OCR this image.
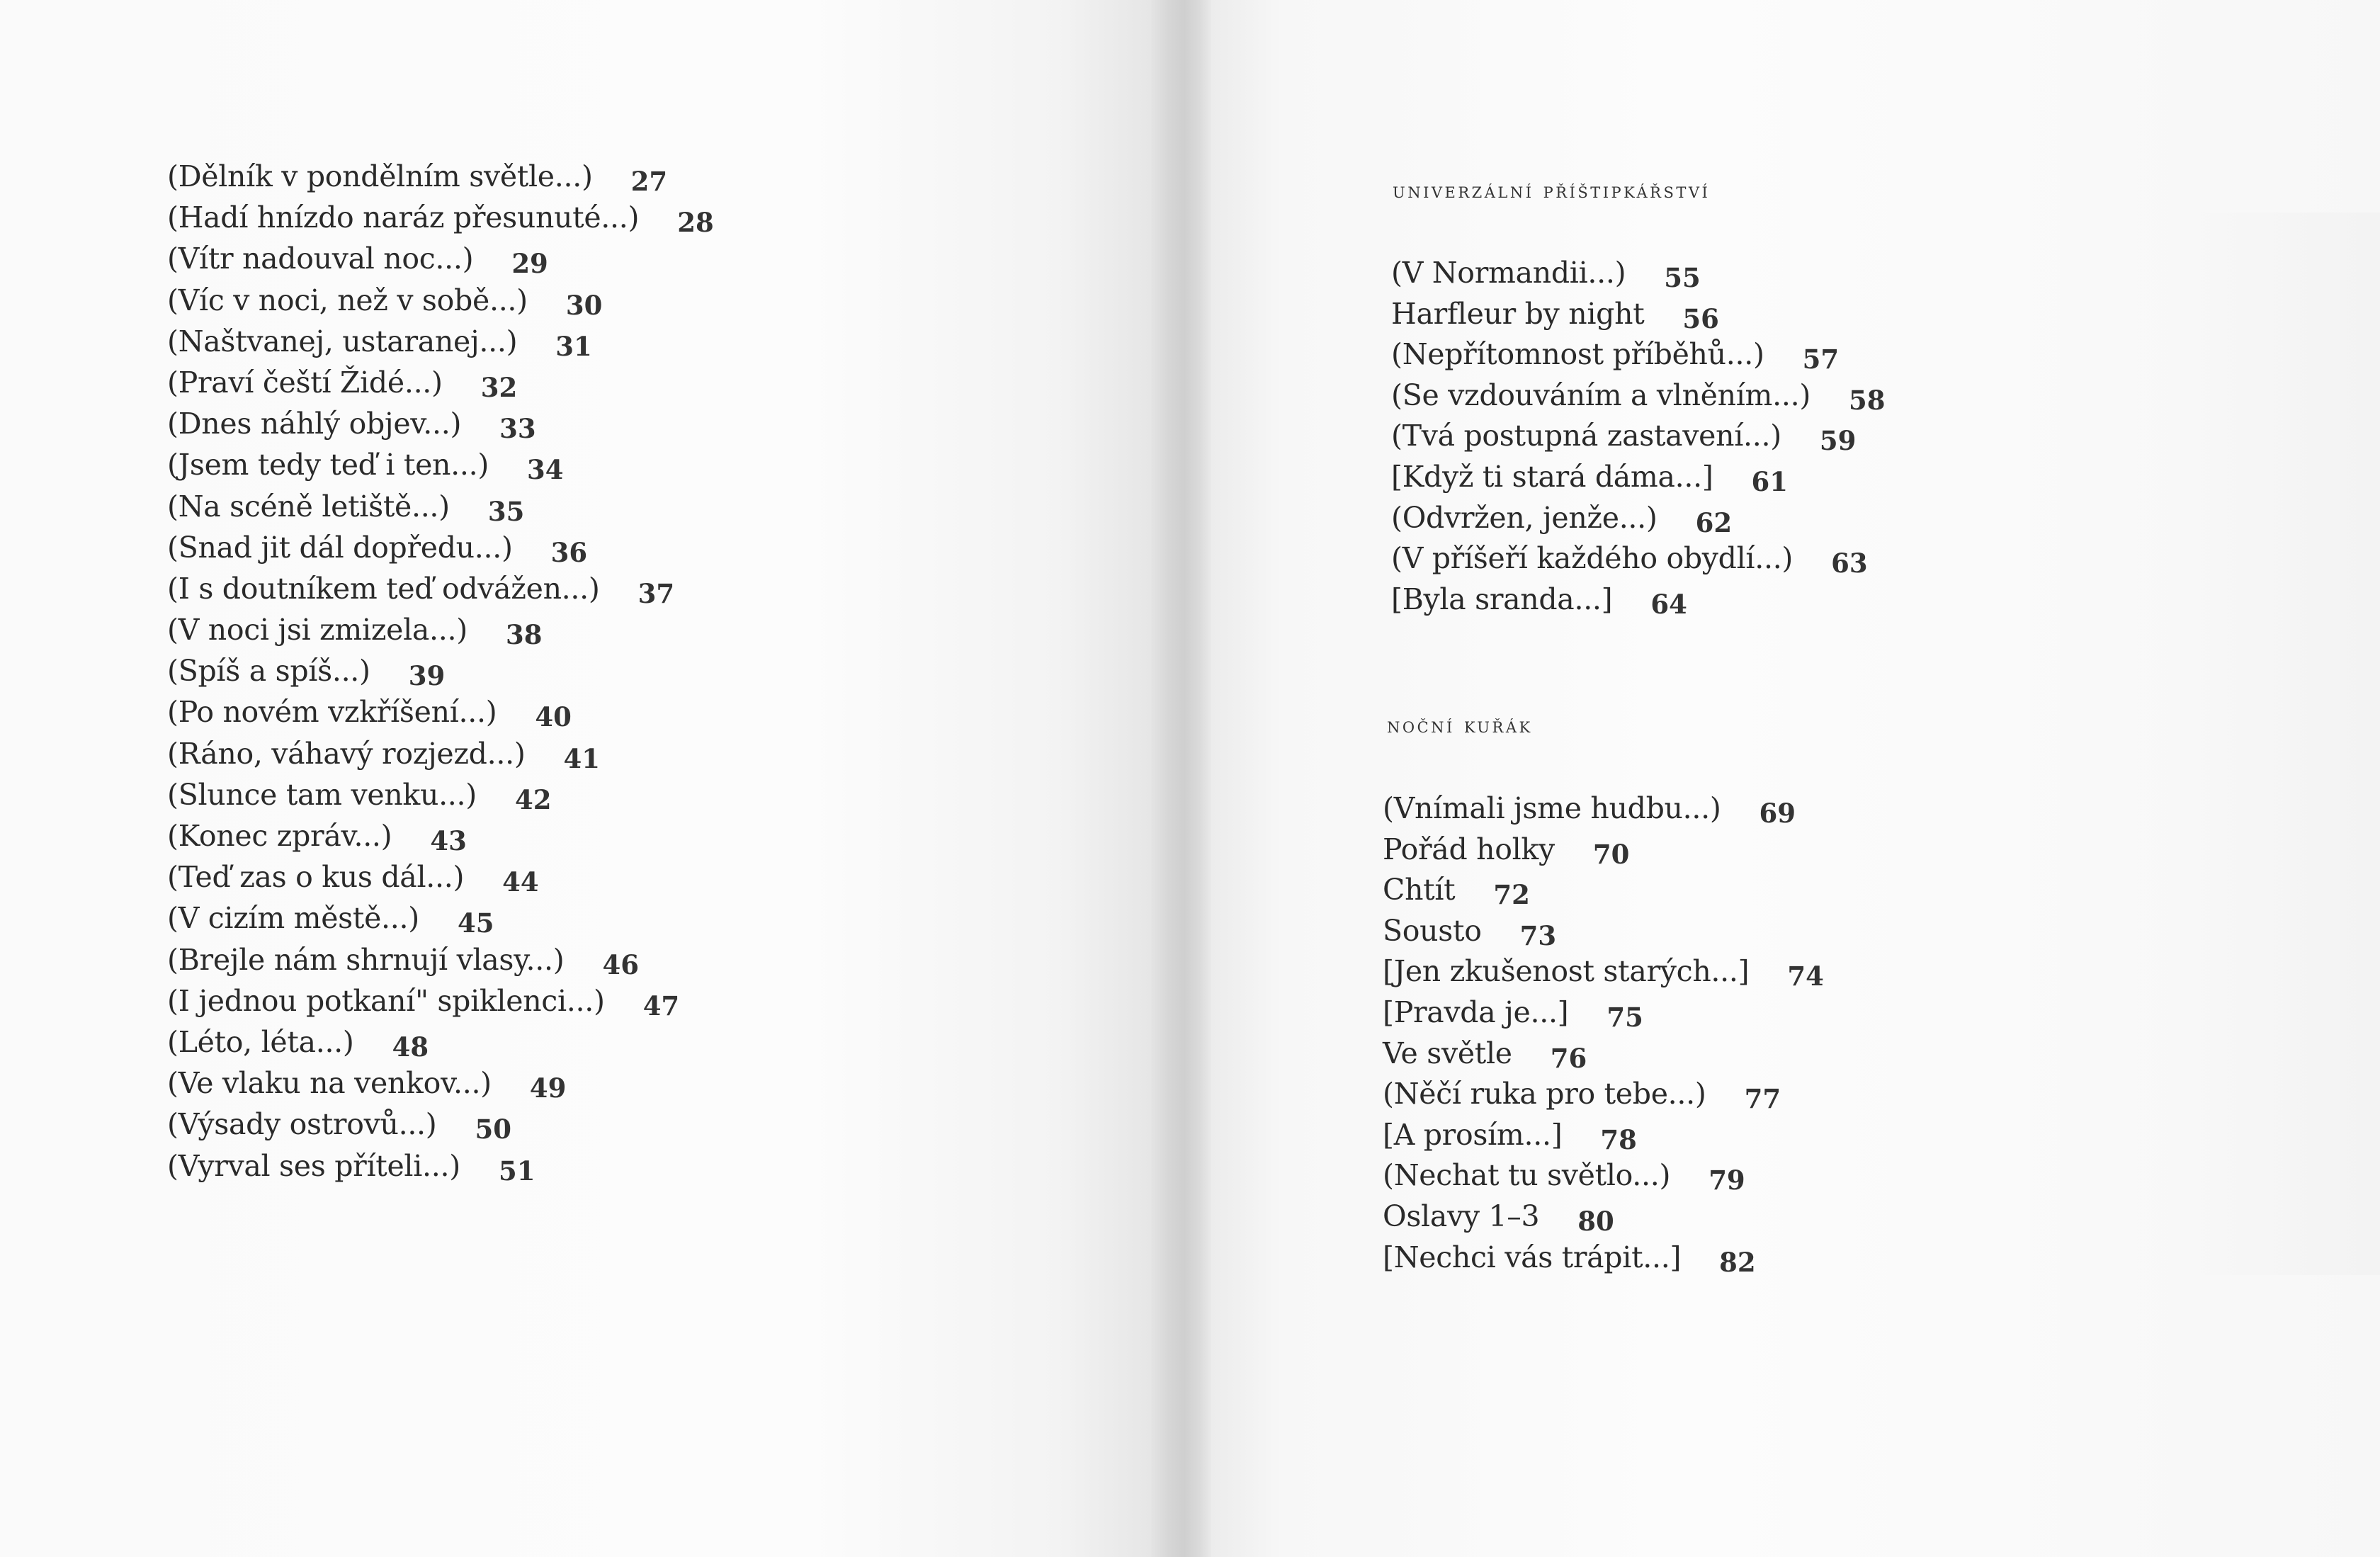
(Dělník v pondělním světle...) 27
(Hadí hnízdo naráz přesunuté...) 28
(Vítr nadouval noc...) 29
(Víc v noci, než v sobě...) 30
(Naštvanej, ustaranej...) 31
(Praví čeští Židé...) 32
(Dnes náhlý objev...) 33
(Jsem tedy teď i ten...) 34
(Na scéně letiště...) 35
(Snad jit dál dopředu...) 36
(I s doutníkem teď odvážen...) 37
(V noci jsi zmizela...) 38
(Spíš a spíš...) 39
(Po novém vzkříšení...) 40
(Ráno, váhavý rozjezd...) 41
(Slunce tam venku...) 42
(Konec zpráv...) 43
(Teď zas o kus dál...) 44
(V cizím městě...) 45
(Brejle nám shrnují vlasy...) 46
(I jednou potkaní" spiklenci...) 47
(Léto, léta...) 48
(Ve vlaku na venkov...) 49
(Výsady ostrovů...) 50
(Vyrval ses příteli...) 51
univerzální příštipkářství
(V Normandii...) 55
Harfleur by night 56
(Nepřítomnost příběhů...) 57
(Se vzdouváním a vlněním...) 58
(Tvá postupná zastavení...) 59
[Když ti stará dáma...] 61
(Odvržen, jenže...) 62
(V příšeří každého obydlí...) 63
[Byla sranda...] 64
noční kuřák
(Vnímali jsme hudbu...) 69
Pořád holky 70
Chtít 72
Sousto 73
[Jen zkušenost starých...] 74
[Pravda je...] 75
Ve světle 76
(Něčí ruka pro tebe...) 77
[A prosím...] 78
(Nechat tu světlo...) 79
Oslavy 1–3 80
[Nechci vás trápit...] 82
